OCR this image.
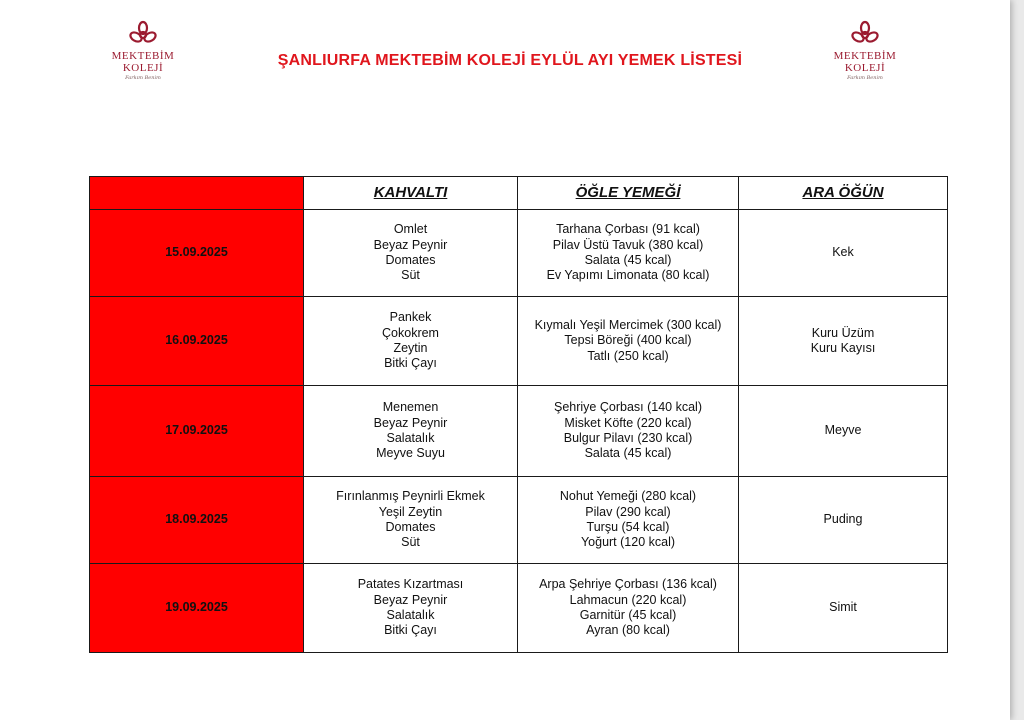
MEKTEBİM
KOLEJİ
Farkım Benim
ŞANLIURFA MEKTEBİM KOLEJİ EYLÜL AYI YEMEK LİSTESİ	MEKTEBİM
KOLEJİ
Farkım Benim
	KAHVALTI	ÖĞLE YEMEĞİ	ARA ÖĞÜN
15.09.2025	Omlet
Beyaz Peynir
Domates
Süt	Tarhana Çorbası (91 kcal)
Pilav Üstü Tavuk (380 kcal)
Salata (45 kcal)
Ev Yapımı Limonata (80 kcal)	Kek

16.09.2025	Pankek
Çokokrem
Zeytin
Bitki Çayı	Kıymalı Yeşil Mercimek (300 kcal)
Tepsi Böreği (400 kcal)
Tatlı (250 kcal)	Kuru Üzüm
Kuru Kayısı

17.09.2025	Menemen
Beyaz Peynir
Salatalık
Meyve Suyu	Şehriye Çorbası (140 kcal)
Misket Köfte (220 kcal)
Bulgur Pilavı (230 kcal)
Salata (45 kcal)	Meyve

18.09.2025	Fırınlanmış Peynirli Ekmek
Yeşil Zeytin
Domates
Süt	Nohut Yemeği (280 kcal)
Pilav (290 kcal)
Turşu (54 kcal)
Yoğurt (120 kcal)	Puding

19.09.2025	Patates Kızartması
Beyaz Peynir
Salatalık
Bitki Çayı	Arpa Şehriye Çorbası (136 kcal)
Lahmacun (220 kcal)
Garnitür (45 kcal)
Ayran (80 kcal)	Simit
